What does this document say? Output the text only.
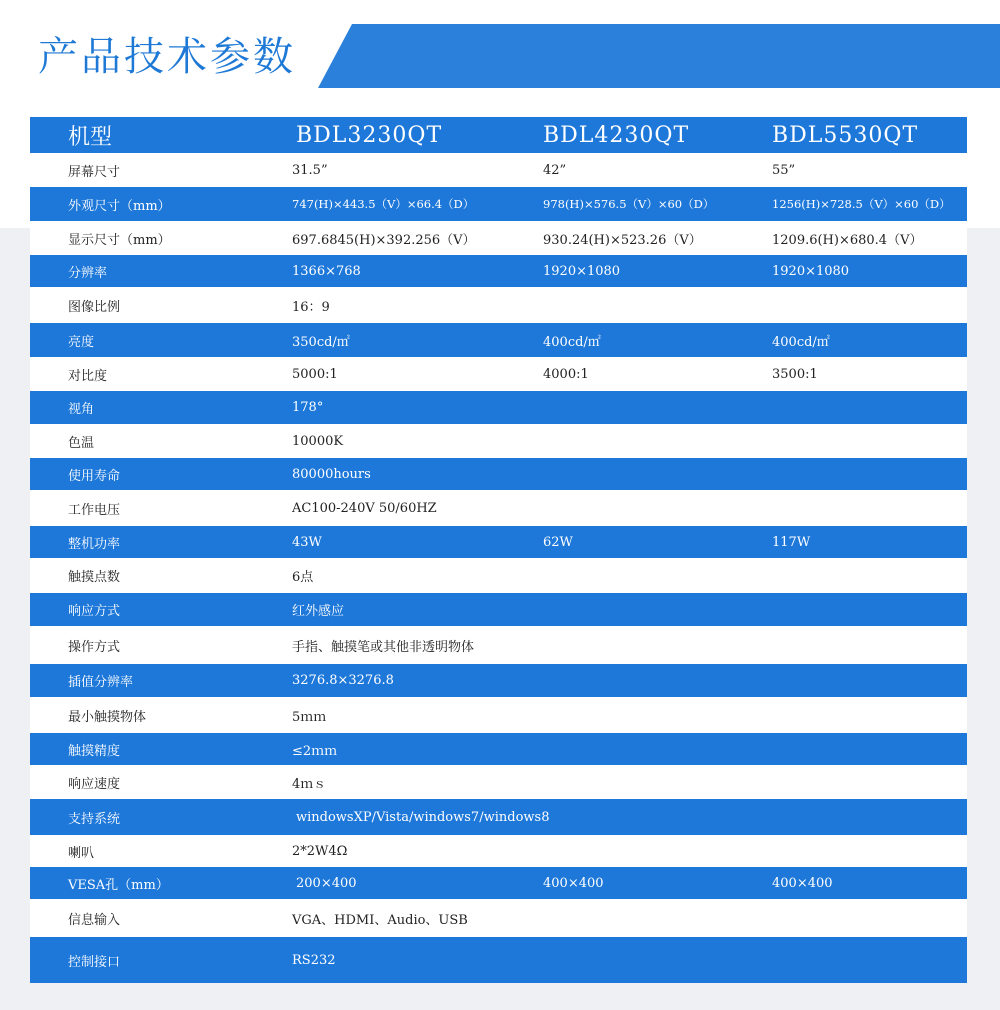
产品技术参数
机型	BDL3230QT	BDL4230QT	BDL5530QT
屏幕尺寸	31.5”	42”	55”
外观尺寸（mm）	747(H)×443.5（V）×66.4（D）	978(H)×576.5（V）×60（D）	1256(H)×728.5（V）×60（D）
显示尺寸（mm）	697.6845(H)×392.256（V）	930.24(H)×523.26（V）	1209.6(H)×680.4（V）
分辨率	1366×768	1920×1080	1920×1080
图像比例	16：9
亮度	350cd/㎡	400cd/㎡	400cd/㎡
对比度	5000:1	4000:1	3500:1
视角	178°
色温	10000K
使用寿命	80000hours
工作电压	AC100-240V 50/60HZ
整机功率	43W	62W	117W
触摸点数	6点
响应方式	红外感应
操作方式	手指、触摸笔或其他非透明物体
插值分辨率	3276.8×3276.8
最小触摸物体	5ｍｍ
触摸精度	≤2ｍｍ
响应速度	4ｍｓ
支持系统	windowsXP/Vista/windows7/windows8
喇叭	2*2W4Ω
VESA孔（mm）	200×400	400×400	400×400
信息输入	VGA、HDMI、Audio、USB
控制接口	RS232
